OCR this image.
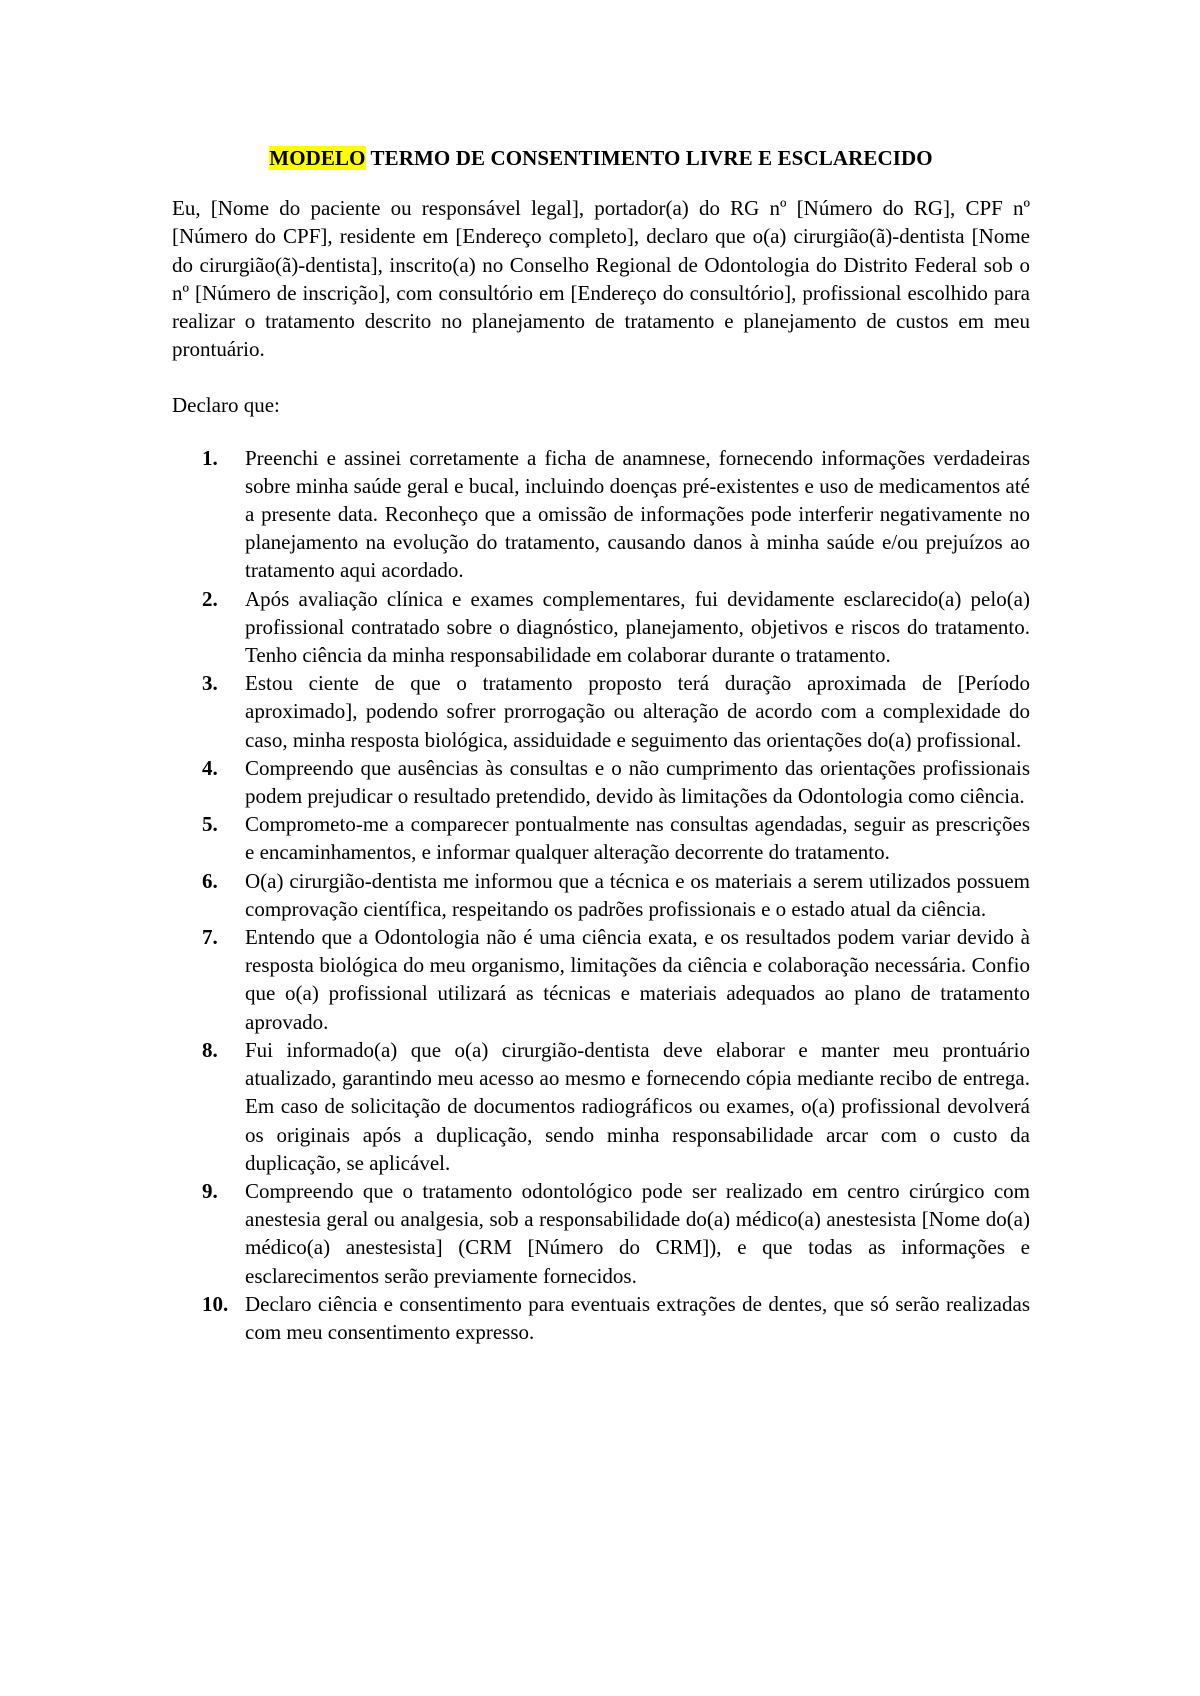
MODELO TERMO DE CONSENTIMENTO LIVRE E ESCLARECIDO

Eu, [Nome do paciente ou responsável legal], portador(a) do RG nº [Número do RG], CPF nº [Número do CPF], residente em [Endereço completo], declaro que o(a) cirurgião(ã)-dentista [Nome do cirurgião(ã)-dentista], inscrito(a) no Conselho Regional de Odontologia do Distrito Federal sob o nº [Número de inscrição], com consultório em [Endereço do consultório], profissional escolhido para realizar o tratamento descrito no planejamento de tratamento e planejamento de custos em meu prontuário.

Declaro que:

1.	Preenchi e assinei corretamente a ficha de anamnese, fornecendo informações verdadeiras sobre minha saúde geral e bucal, incluindo doenças pré-existentes e uso de medicamentos até a presente data. Reconheço que a omissão de informações pode interferir negativamente no planejamento na evolução do tratamento, causando danos à minha saúde e/ou prejuízos ao tratamento aqui acordado.
2.	Após avaliação clínica e exames complementares, fui devidamente esclarecido(a) pelo(a) profissional contratado sobre o diagnóstico, planejamento, objetivos e riscos do tratamento. Tenho ciência da minha responsabilidade em colaborar durante o tratamento.
3.	Estou ciente de que o tratamento proposto terá duração aproximada de [Período aproximado], podendo sofrer prorrogação ou alteração de acordo com a complexidade do caso, minha resposta biológica, assiduidade e seguimento das orientações do(a) profissional.
4.	Compreendo que ausências às consultas e o não cumprimento das orientações profissionais podem prejudicar o resultado pretendido, devido às limitações da Odontologia como ciência.
5.	Comprometo-me a comparecer pontualmente nas consultas agendadas, seguir as prescrições e encaminhamentos, e informar qualquer alteração decorrente do tratamento.
6.	O(a) cirurgião-dentista me informou que a técnica e os materiais a serem utilizados possuem comprovação científica, respeitando os padrões profissionais e o estado atual da ciência.
7.	Entendo que a Odontologia não é uma ciência exata, e os resultados podem variar devido à resposta biológica do meu organismo, limitações da ciência e colaboração necessária. Confio que o(a) profissional utilizará as técnicas e materiais adequados ao plano de tratamento aprovado.
8.	Fui informado(a) que o(a) cirurgião-dentista deve elaborar e manter meu prontuário atualizado, garantindo meu acesso ao mesmo e fornecendo cópia mediante recibo de entrega. Em caso de solicitação de documentos radiográficos ou exames, o(a) profissional devolverá os originais após a duplicação, sendo minha responsabilidade arcar com o custo da duplicação, se aplicável.
9.	Compreendo que o tratamento odontológico pode ser realizado em centro cirúrgico com anestesia geral ou analgesia, sob a responsabilidade do(a) médico(a) anestesista [Nome do(a) médico(a) anestesista] (CRM [Número do CRM]), e que todas as informações e esclarecimentos serão previamente fornecidos.
10. Declaro ciência e consentimento para eventuais extrações de dentes, que só serão realizadas com meu consentimento expresso.
